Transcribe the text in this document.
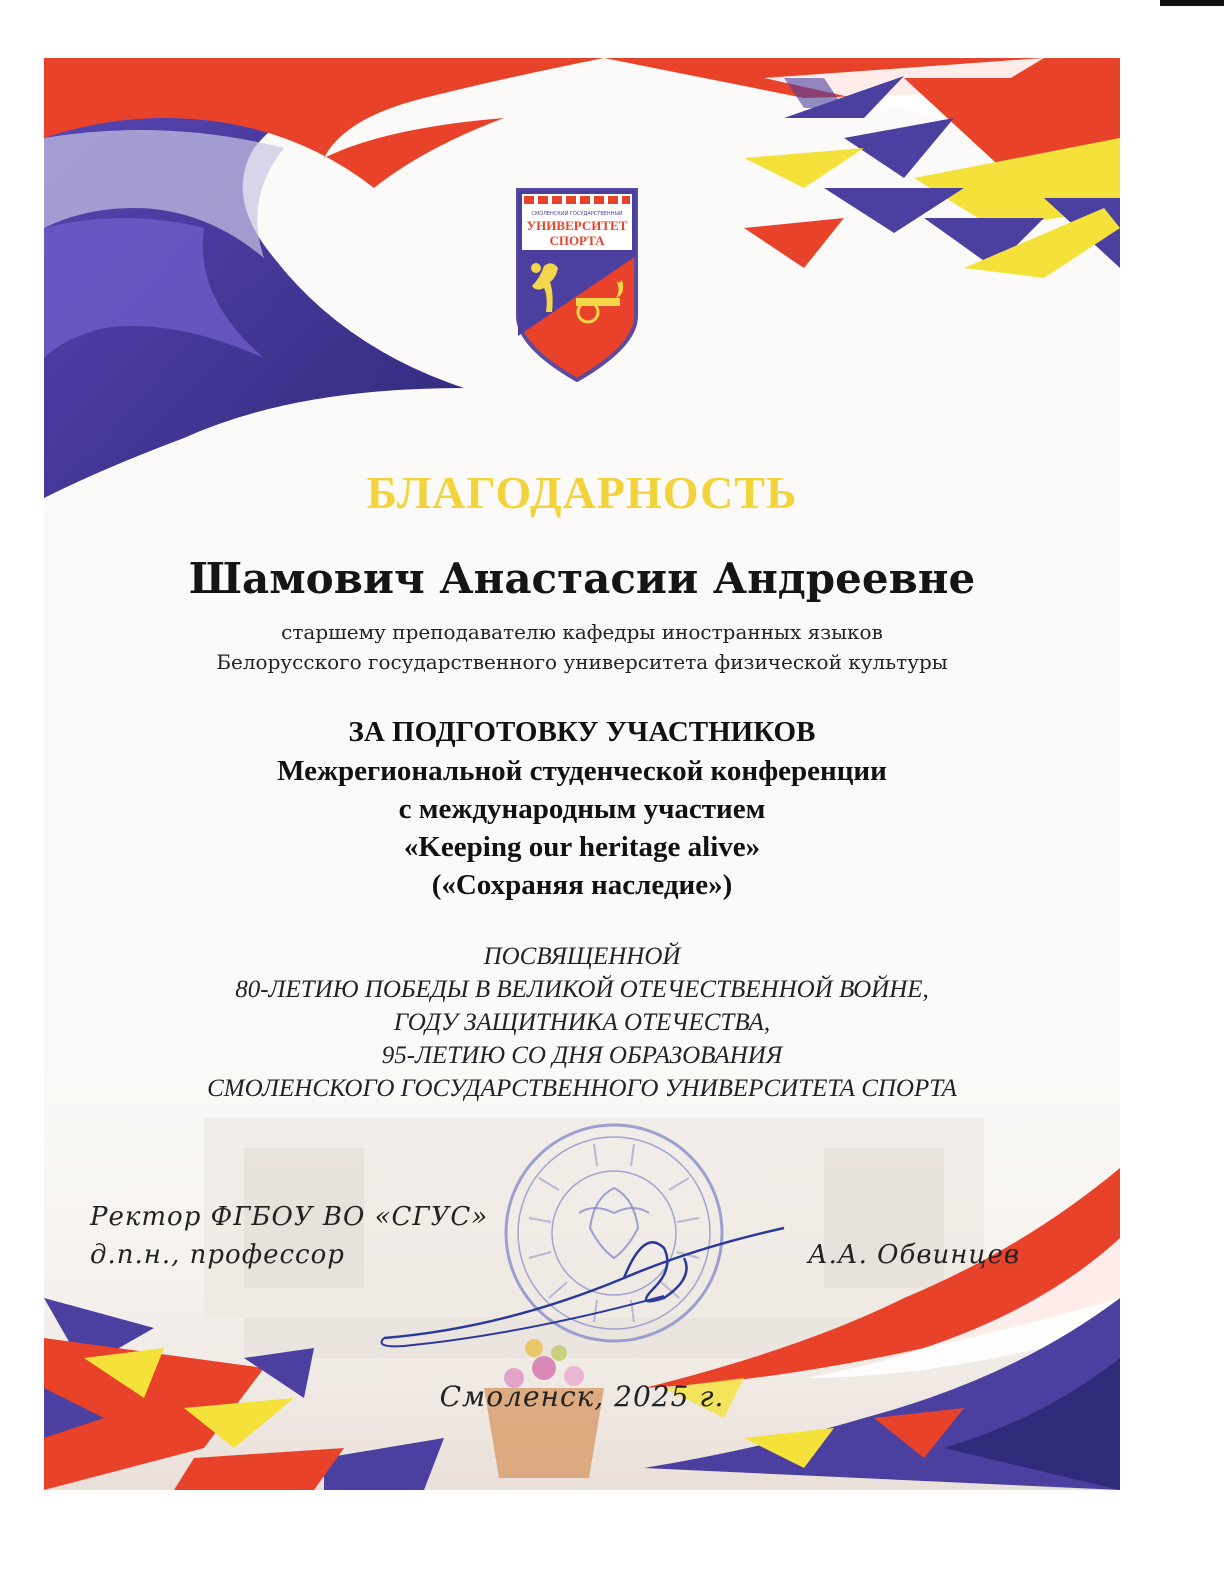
СМОЛЕНСКИЙ ГОСУДАРСТВЕННЫЙ
УНИВЕРСИТЕТ
СПОРТА
БЛАГОДАРНОСТЬ
Шамович Анастасии Андреевне
старшему преподавателю кафедры иностранных языков
Белорусского государственного университета физической культуры
ЗА ПОДГОТОВКУ УЧАСТНИКОВ
Межрегиональной студенческой конференции
с международным участием
«Keeping our heritage alive»
(«Сохраняя наследие»)
ПОСВЯЩЕННОЙ
80-ЛЕТИЮ ПОБЕДЫ В ВЕЛИКОЙ ОТЕЧЕСТВЕННОЙ ВОЙНЕ,
ГОДУ ЗАЩИТНИКА ОТЕЧЕСТВА,
95-ЛЕТИЮ СО ДНЯ ОБРАЗОВАНИЯ
СМОЛЕНСКОГО ГОСУДАРСТВЕННОГО УНИВЕРСИТЕТА СПОРТА
Ректор ФГБОУ ВО «СГУС»
д.п.н., профессор	А.А. Обвинцев
Смоленск, 2025 г.
